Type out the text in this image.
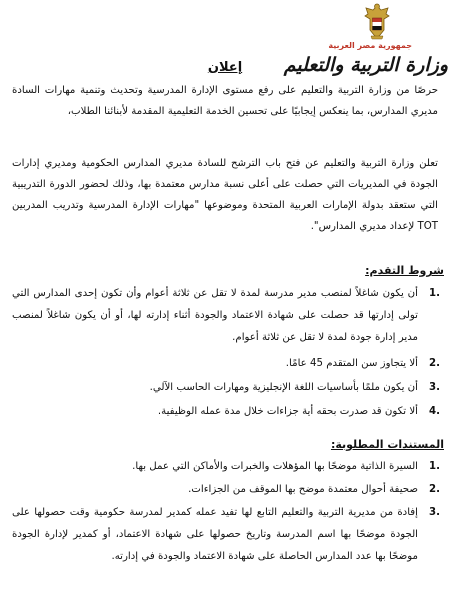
جمهورية مصر العربية
وزارة التربية والتعليم
إعلان
حرصًا من وزارة التربية والتعليم على رفع مستوى الإدارة المدرسية وتحديث وتنمية مهارات السادة مديري المدارس، بما ينعكس إيجابيًا على تحسين الخدمة التعليمية المقدمة لأبنائنا الطلاب،
تعلن وزارة التربية والتعليم عن فتح باب الترشح للسادة مديري المدارس الحكومية ومديري إدارات الجودة في المديريات التي حصلت على أعلى نسبة مدارس معتمدة بها، وذلك لحضور الدورة التدريبية التي ستعقد بدولة الإمارات العربية المتحدة وموضوعها "مهارات الإدارة المدرسية وتدريب المدربين TOT لإعداد مديري المدارس".
شروط التقدم:
1.
أن يكون شاغلاً لمنصب مدير مدرسة لمدة لا تقل عن ثلاثة أعوام وأن تكون إحدى المدارس التي تولى إدارتها قد حصلت على شهادة الاعتماد والجودة أثناء إدارته لها، أو أن يكون شاغلاً لمنصب مدير إدارة جودة لمدة لا تقل عن ثلاثة أعوام.
2.
ألا يتجاوز سن المتقدم 45 عامًا.
3.
أن يكون ملمًا بأساسيات اللغة الإنجليزية ومهارات الحاسب الآلي.
4.
ألا تكون قد صدرت بحقه أية جزاءات خلال مدة عمله الوظيفية.
المستندات المطلوبة:
1.
السيرة الذاتية موضحًا بها المؤهلات والخبرات والأماكن التي عمل بها.
2.
صحيفة أحوال معتمدة موضح بها الموقف من الجزاءات.
3.
إفادة من مديرية التربية والتعليم التابع لها تفيد عمله كمدير لمدرسة حكومية وقت حصولها على الجودة موضحًا بها اسم المدرسة وتاريخ حصولها على شهادة الاعتماد، أو كمدير لإدارة الجودة موضحًا بها عدد المدارس الحاصلة على شهادة الاعتماد والجودة في إدارته.
